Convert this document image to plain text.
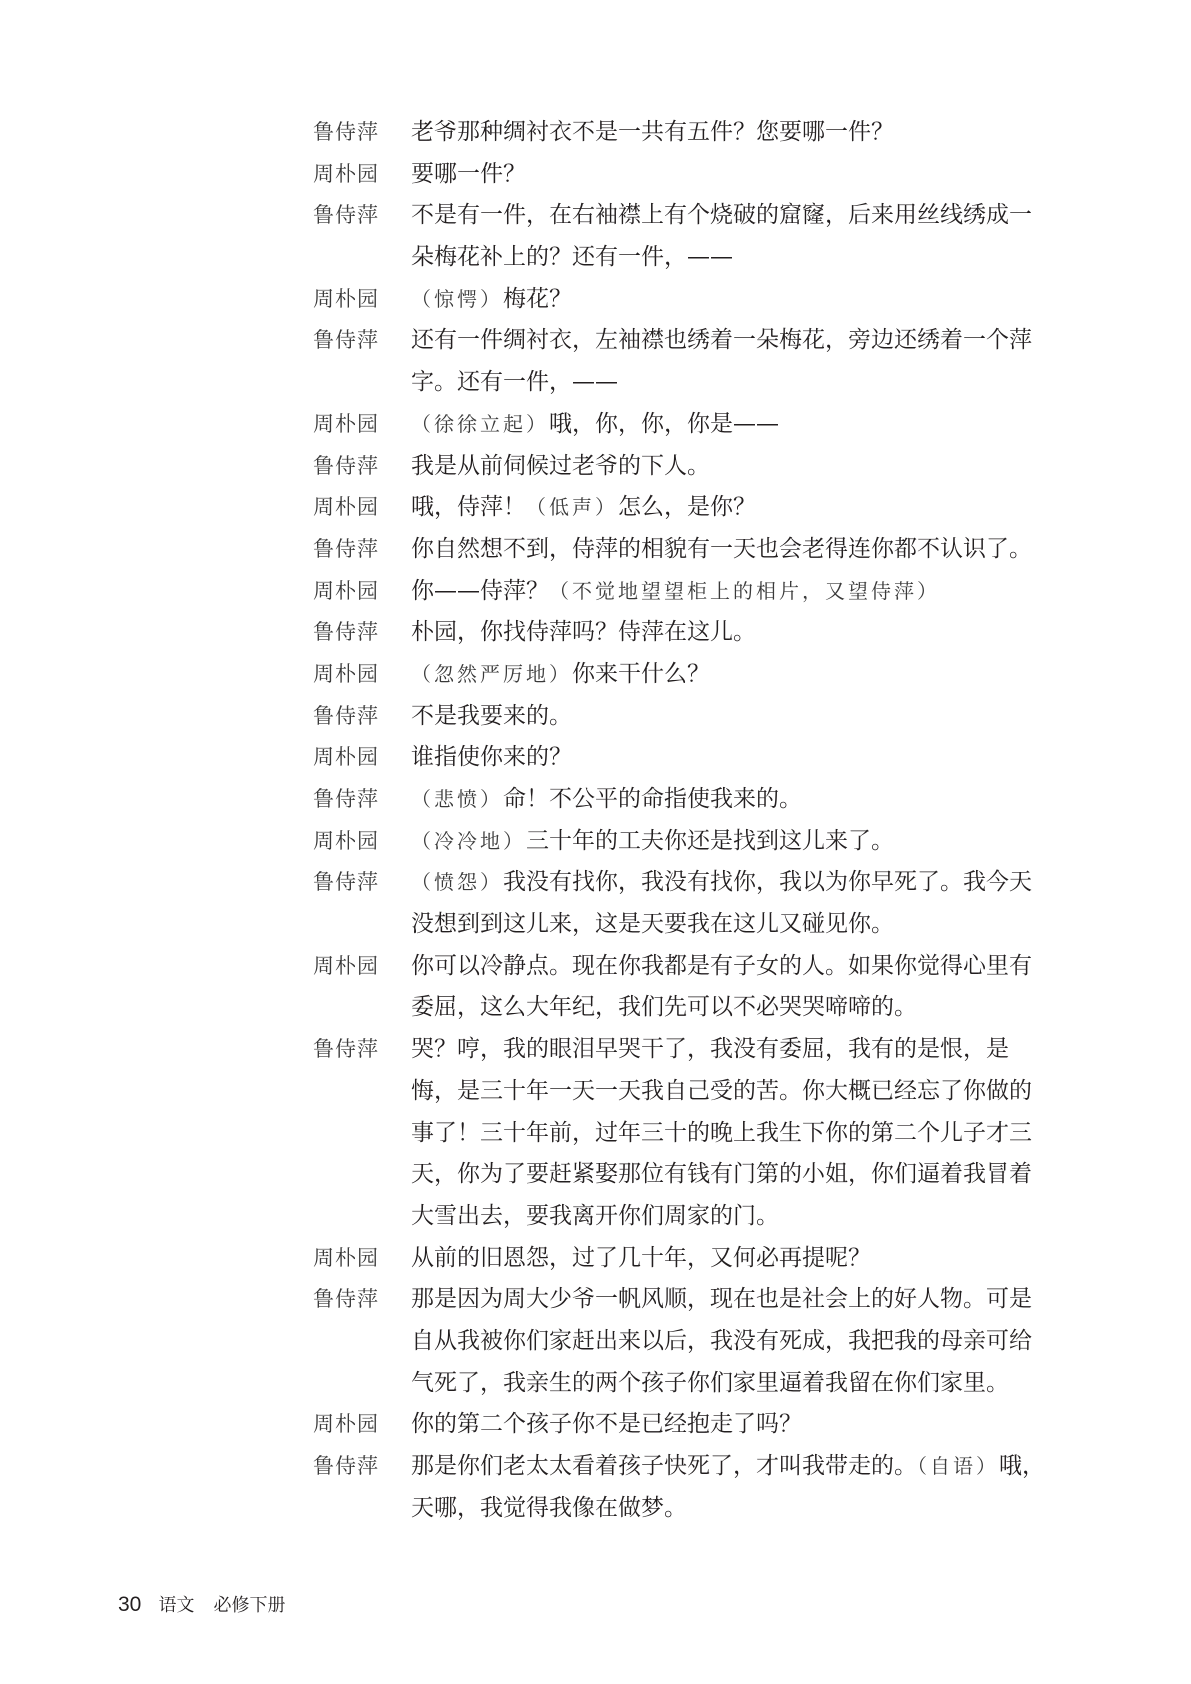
鲁侍萍 老爷那种绸衬衣不是一共有五件？您要哪一件？
周朴园 要哪一件？
鲁侍萍 不是有一件，在右袖襟上有个烧破的窟窿，后来用丝线绣成一
朵梅花补上的？还有一件，——
周朴园 （惊愕）梅花？
鲁侍萍 还有一件绸衬衣，左袖襟也绣着一朵梅花，旁边还绣着一个萍
字。还有一件，——
周朴园 （徐徐立起）哦，你，你，你是——
鲁侍萍 我是从前伺候过老爷的下人。
周朴园 哦，侍萍！（低声）怎么，是你？
鲁侍萍 你自然想不到，侍萍的相貌有一天也会老得连你都不认识了。
周朴园 你——侍萍？（不觉地望望柜上的相片，又望侍萍）
鲁侍萍 朴园，你找侍萍吗？侍萍在这儿。
周朴园 （忽然严厉地）你来干什么？
鲁侍萍 不是我要来的。
周朴园 谁指使你来的？
鲁侍萍 （悲愤）命！不公平的命指使我来的。
周朴园 （冷冷地）三十年的工夫你还是找到这儿来了。
鲁侍萍 （愤怨）我没有找你，我没有找你，我以为你早死了。我今天
没想到到这儿来，这是天要我在这儿又碰见你。
周朴园 你可以冷静点。现在你我都是有子女的人。如果你觉得心里有
委屈，这么大年纪，我们先可以不必哭哭啼啼的。
鲁侍萍 哭？哼，我的眼泪早哭干了，我没有委屈，我有的是恨，是
悔，是三十年一天一天我自己受的苦。你大概已经忘了你做的
事了！三十年前，过年三十的晚上我生下你的第二个儿子才三
天，你为了要赶紧娶那位有钱有门第的小姐，你们逼着我冒着
大雪出去，要我离开你们周家的门。
周朴园 从前的旧恩怨，过了几十年，又何必再提呢？
鲁侍萍 那是因为周大少爷一帆风顺，现在也是社会上的好人物。可是
自从我被你们家赶出来以后，我没有死成，我把我的母亲可给
气死了，我亲生的两个孩子你们家里逼着我留在你们家里。
周朴园 你的第二个孩子你不是已经抱走了吗？
鲁侍萍 那是你们老太太看着孩子快死了，才叫我带走的。（自语）哦，
天哪，我觉得我像在做梦。
30 语文 必修下册
